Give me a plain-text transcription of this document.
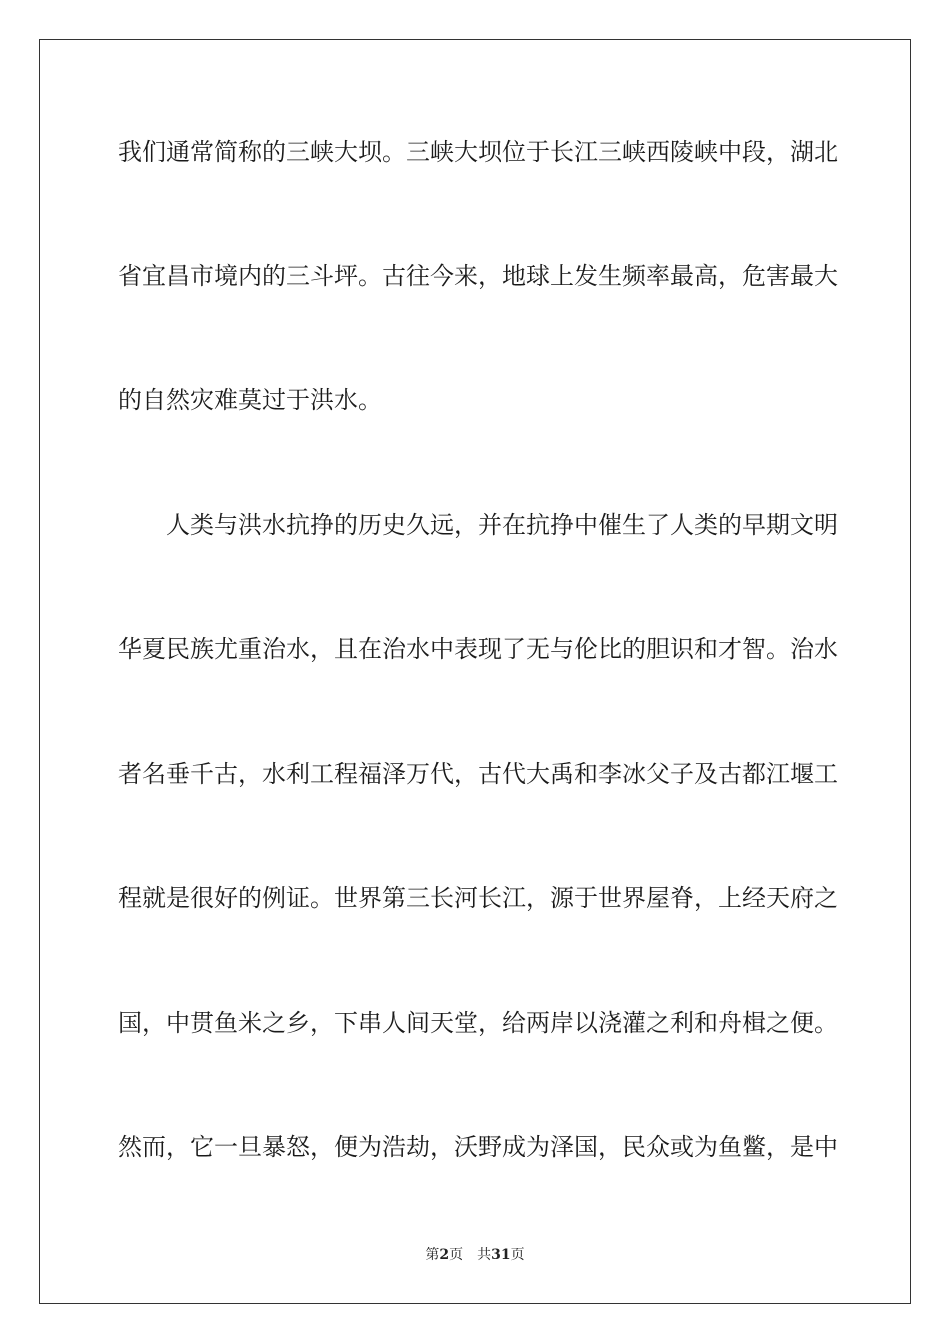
我们通常简称的三峡大坝。三峡大坝位于长江三峡西陵峡中段，湖北
省宜昌市境内的三斗坪。古往今来，地球上发生频率最高，危害最大
的自然灾难莫过于洪水。
人类与洪水抗挣的历史久远，并在抗挣中催生了人类的早期文明
华夏民族尤重治水，且在治水中表现了无与伦比的胆识和才智。治水
者名垂千古，水利工程福泽万代，古代大禹和李冰父子及古都江堰工
程就是很好的例证。世界第三长河长江，源于世界屋脊，上经天府之
国，中贯鱼米之乡，下串人间天堂，给两岸以浇灌之利和舟楫之便。
然而，它一旦暴怒，便为浩劫，沃野成为泽国，民众或为鱼鳖，是中
第2页 共31页
